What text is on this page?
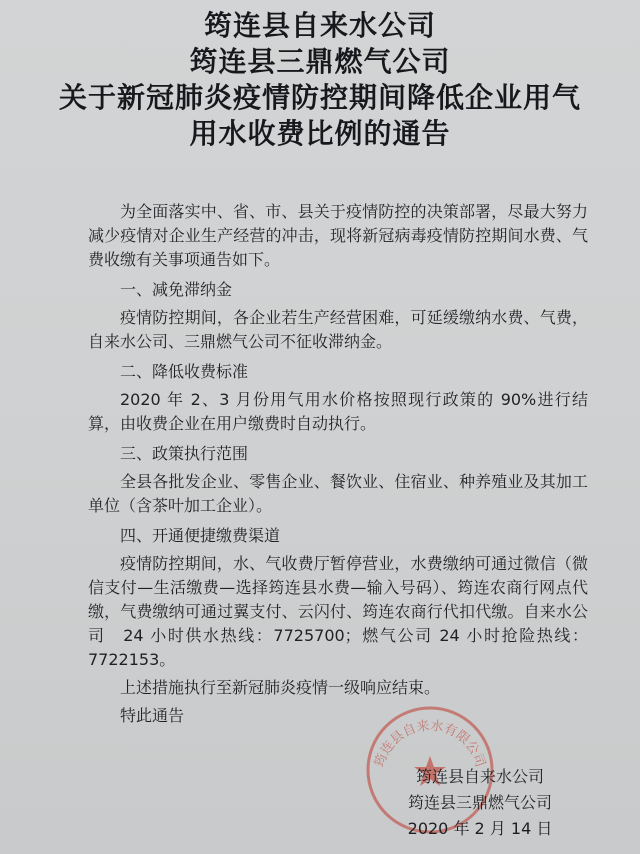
筠连县自来水公司
筠连县三鼎燃气公司
关于新冠肺炎疫情防控期间降低企业用气
用水收费比例的通告

为全面落实中、省、市、县关于疫情防控的决策部署，尽最大努力减少疫情对企业生产经营的冲击，现将新冠病毒疫情防控期间水费、气费收缴有关事项通告如下。

一、减免滞纳金

疫情防控期间，各企业若生产经营困难，可延缓缴纳水费、气费，自来水公司、三鼎燃气公司不征收滞纳金。

二、降低收费标准

2020 年 2、3 月份用气用水价格按照现行政策的 90%进行结算，由收费企业在用户缴费时自动执行。

三、政策执行范围

全县各批发企业、零售企业、餐饮业、住宿业、种养殖业及其加工单位（含茶叶加工企业）。

四、开通便捷缴费渠道

疫情防控期间，水、气收费厅暂停营业，水费缴纳可通过微信（微信支付—生活缴费—选择筠连县水费—输入号码）、筠连农商行网点代缴，气费缴纳可通过翼支付、云闪付、筠连农商行代扣代缴。自来水公司　24 小时供水热线：7725700；燃气公司 24 小时抢险热线：7722153。

上述措施执行至新冠肺炎疫情一级响应结束。

特此通告

筠连县自来水有限公司
筠连县自来水公司
筠连县三鼎燃气公司
2020 年 2 月 14 日
